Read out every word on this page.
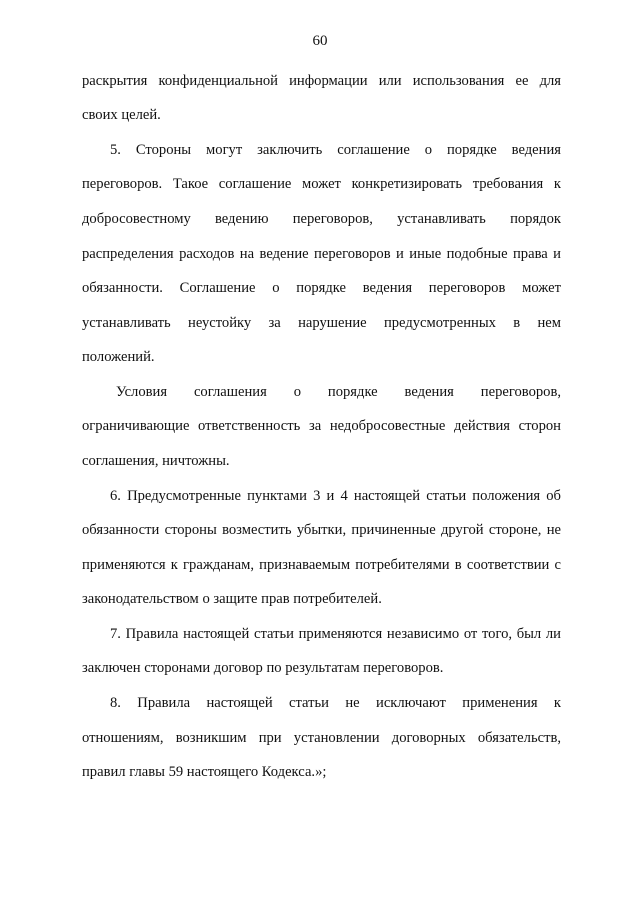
60
раскрытия конфиденциальной информации или использования ее для
своих целей.
5. Стороны могут заключить соглашение о порядке ведения
переговоров. Такое соглашение может конкретизировать требования к
добросовестному ведению переговоров, устанавливать порядок
распределения расходов на ведение переговоров и иные подобные права и
обязанности. Соглашение о порядке ведения переговоров может
устанавливать неустойку за нарушение предусмотренных в нем
положений.
Условия соглашения о порядке ведения переговоров,
ограничивающие ответственность за недобросовестные действия сторон
соглашения, ничтожны.
6. Предусмотренные пунктами 3 и 4 настоящей статьи положения об
обязанности стороны возместить убытки, причиненные другой стороне, не
применяются к гражданам, признаваемым потребителями в соответствии с
законодательством о защите прав потребителей.
7. Правила настоящей статьи применяются независимо от того, был ли
заключен сторонами договор по результатам переговоров.
8. Правила настоящей статьи не исключают применения к
отношениям, возникшим при установлении договорных обязательств,
правил главы 59 настоящего Кодекса.»;
